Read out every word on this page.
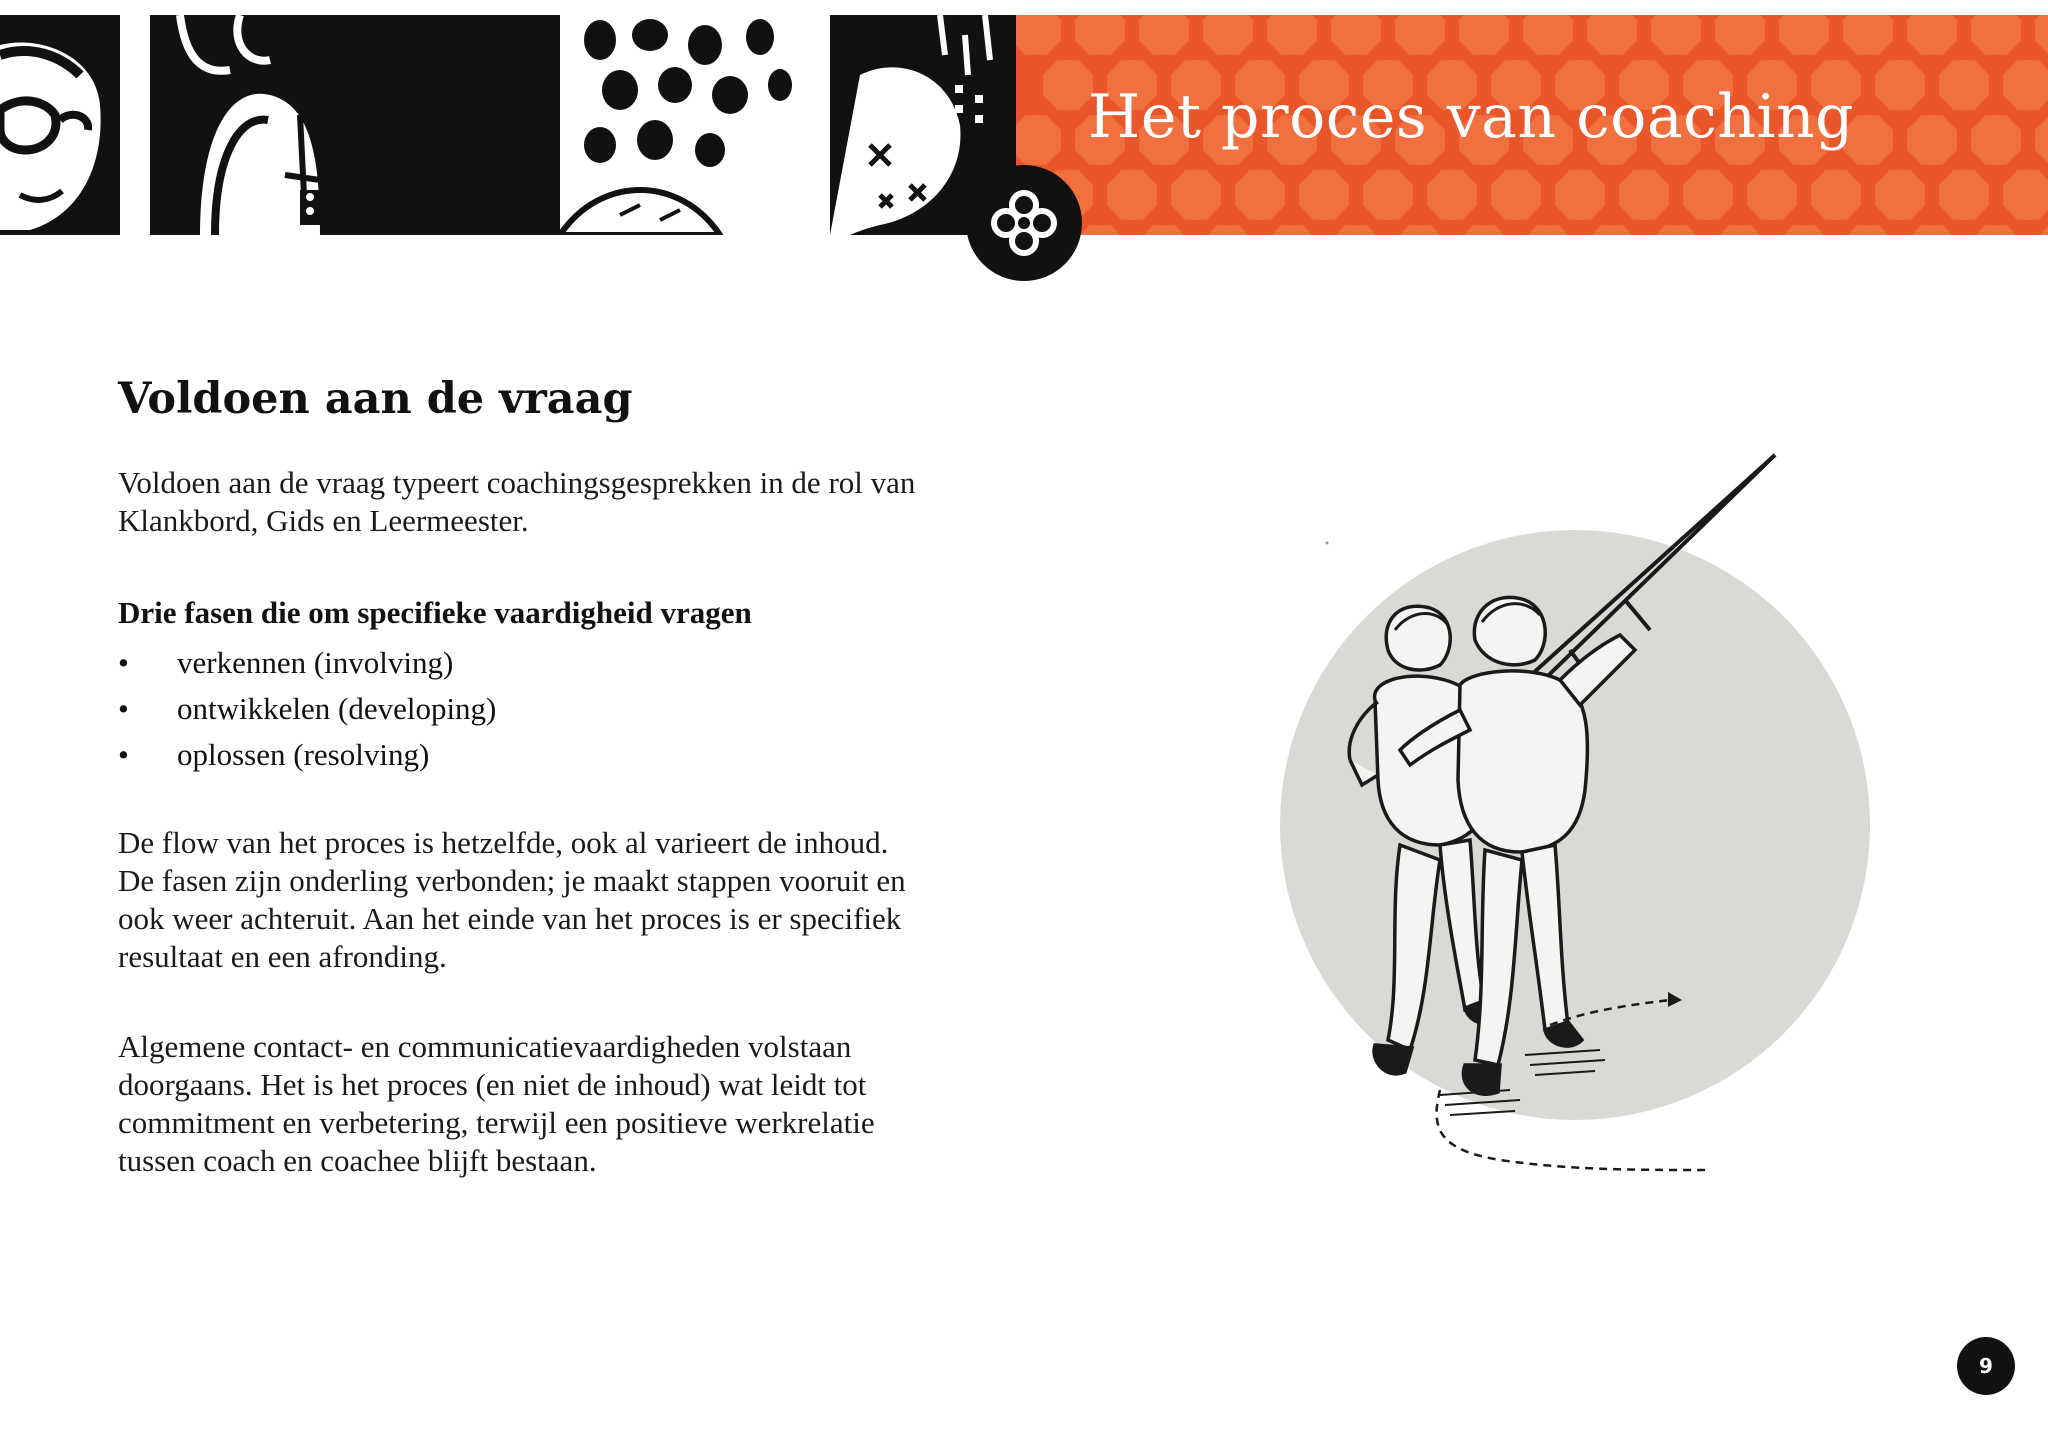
Het proces van coaching
Voldoen aan de vraag

Voldoen aan de vraag typeert coachingsgesprekken in de rol van
Klankbord, Gids en Leermeester.

Drie fasen die om specifieke vaardigheid vragen
• verkennen (involving)
• ontwikkelen (developing)
• oplossen (resolving)

De flow van het proces is hetzelfde, ook al varieert de inhoud.
De fasen zijn onderling verbonden; je maakt stappen vooruit en
ook weer achteruit. Aan het einde van het proces is er specifiek
resultaat en een afronding.

Algemene contact- en communicatievaardigheden volstaan
doorgaans. Het is het proces (en niet de inhoud) wat leidt tot
commitment en verbetering, terwijl een positieve werkrelatie
tussen coach en coachee blijft bestaan.

9
